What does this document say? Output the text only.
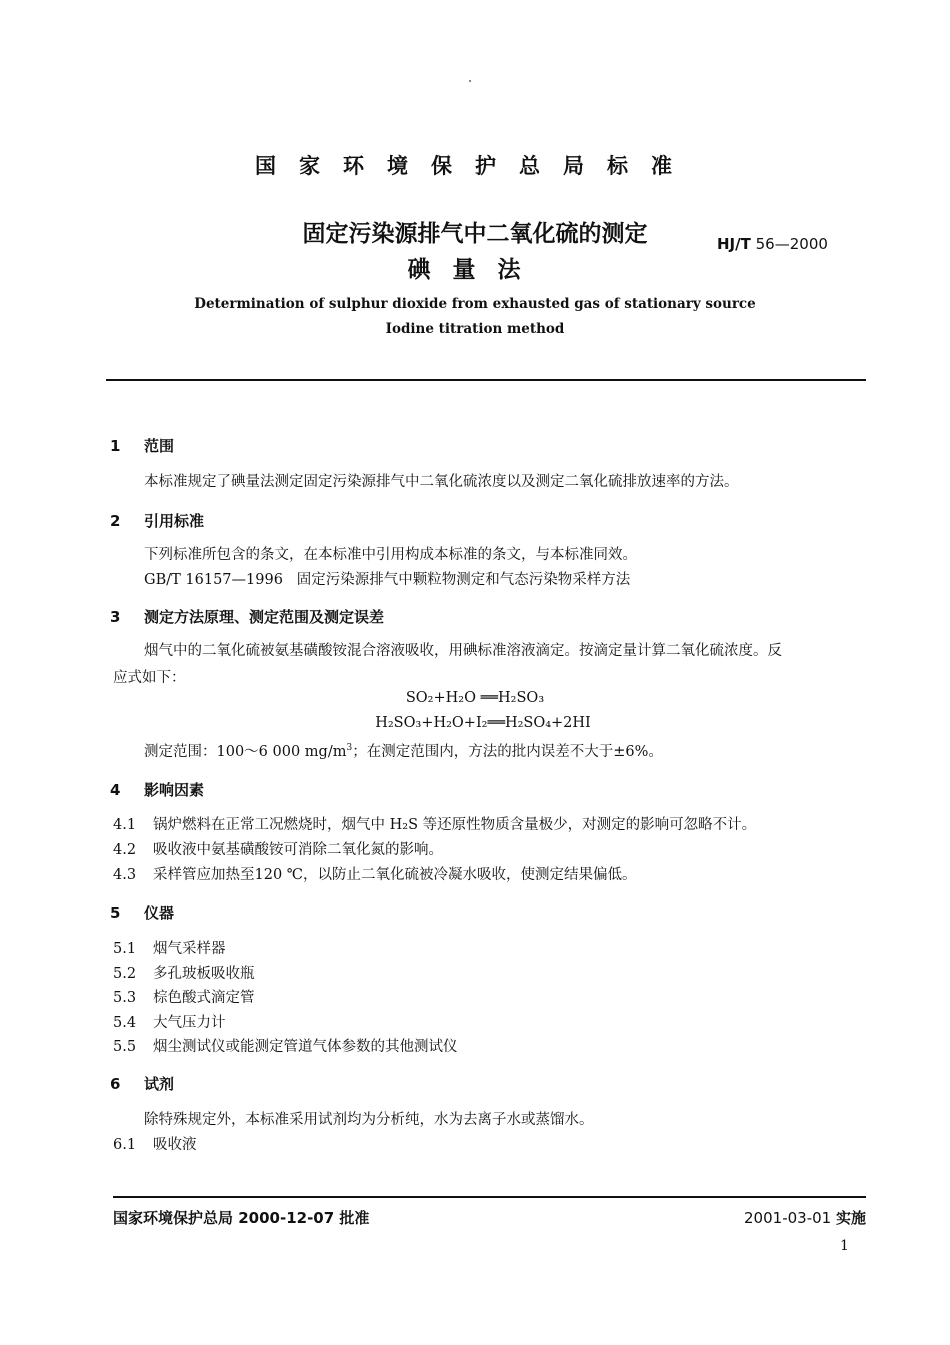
国家环境保护总局标准
固定污染源排气中二氧化硫的测定
碘量法
HJ/T 56—2000
Determination of sulphur dioxide from exhausted gas of stationary source
Iodine titration method
1 范围
本标准规定了碘量法测定固定污染源排气中二氧化硫浓度以及测定二氧化硫排放速率的方法。
2 引用标准
下列标准所包含的条文，在本标准中引用构成本标准的条文，与本标准同效。
GB/T 16157—1996 固定污染源排气中颗粒物测定和气态污染物采样方法
3 测定方法原理、测定范围及测定误差
烟气中的二氧化硫被氨基磺酸铵混合溶液吸收，用碘标准溶液滴定。按滴定量计算二氧化硫浓度。反
应式如下：
SO₂+H₂O ══H₂SO₃
H₂SO₃+H₂O+I₂══H₂SO₄+2HI
测定范围：100～6 000 $mg/m^3$；在测定范围内，方法的批内误差不大于±6%。
4 影响因素
4.1 锅炉燃料在正常工况燃烧时，烟气中 H₂S 等还原性物质含量极少，对测定的影响可忽略不计。
4.2 吸收液中氨基磺酸铵可消除二氧化氮的影响。
4.3 采样管应加热至120 ℃，以防止二氧化硫被冷凝水吸收，使测定结果偏低。
5 仪器
5.1 烟气采样器
5.2 多孔玻板吸收瓶
5.3 棕色酸式滴定管
5.4 大气压力计
5.5 烟尘测试仪或能测定管道气体参数的其他测试仪
6 试剂
除特殊规定外，本标准采用试剂均为分析纯，水为去离子水或蒸馏水。
6.1 吸收液
国家环境保护总局 2000-12-07 批准	2001-03-01 实施
1
